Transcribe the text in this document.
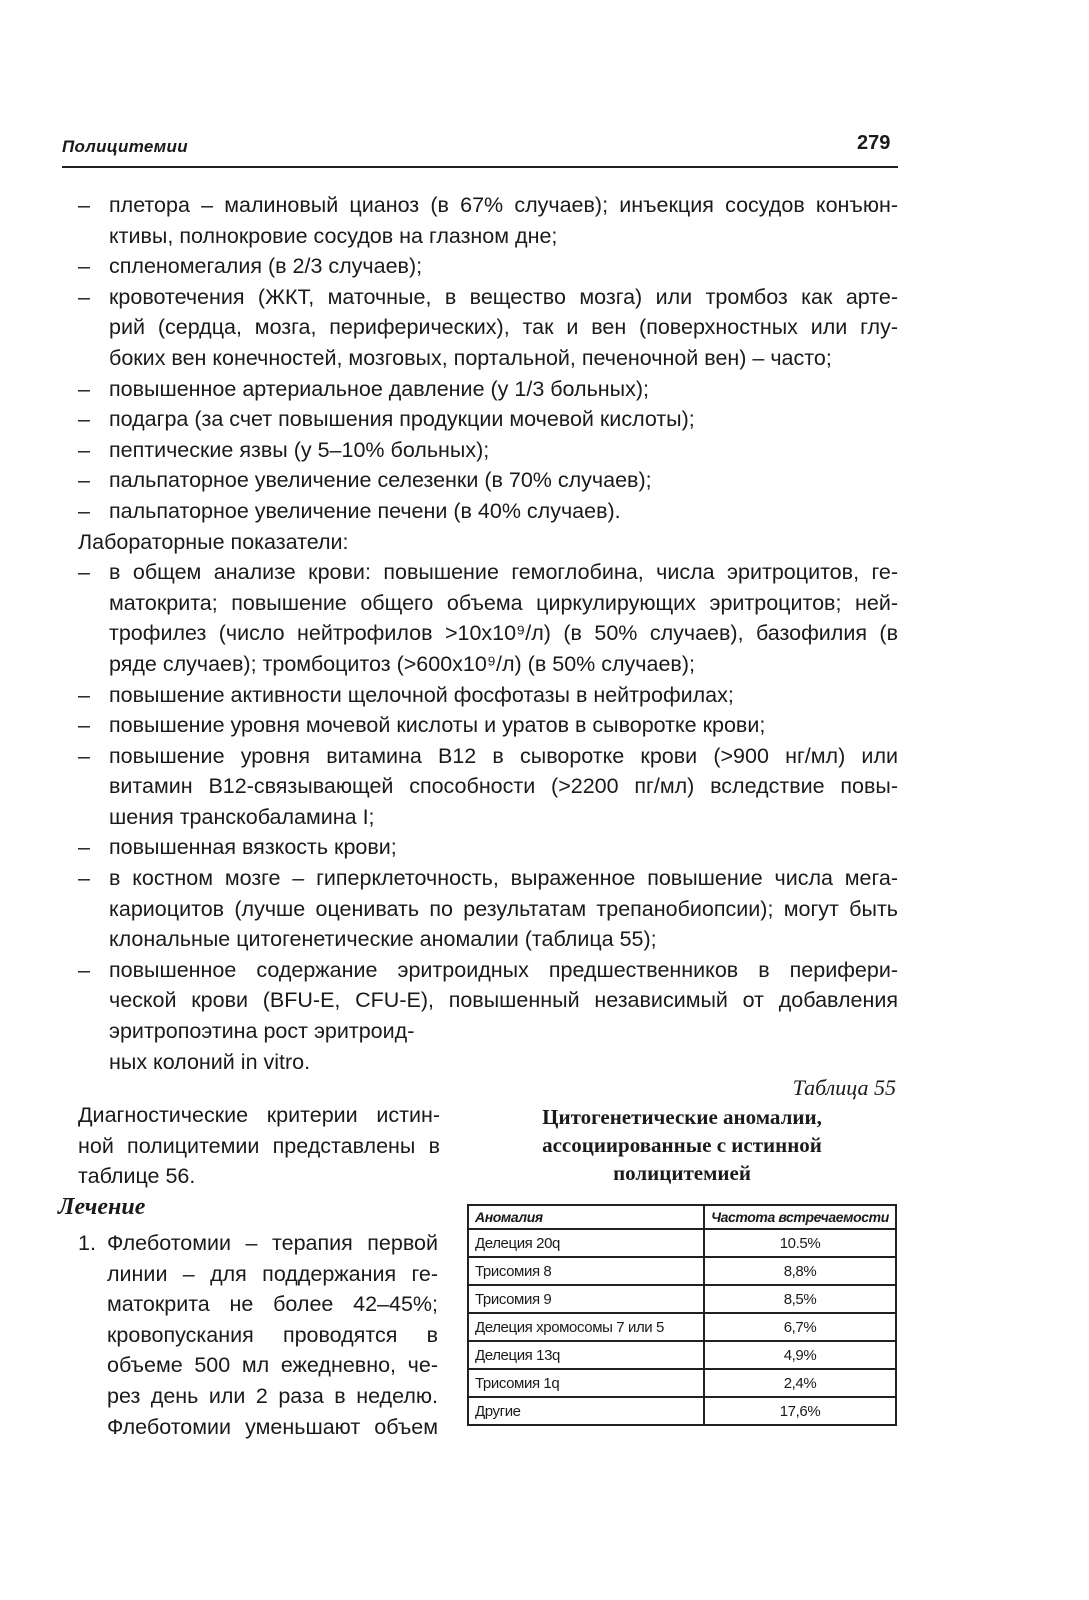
Полицитемии	279
– плетора – малиновый цианоз (в 67% случаев); инъекция сосудов конъюн-
ктивы, полнокровие сосудов на глазном дне;
– спленомегалия (в 2/3 случаев);
– кровотечения (ЖКТ, маточные, в вещество мозга) или тромбоз как арте-
рий (сердца, мозга, периферических), так и вен (поверхностных или глу-
боких вен конечностей, мозговых, портальной, печеночной вен) – часто;
– повышенное артериальное давление (у 1/3 больных);
– подагра (за счет повышения продукции мочевой кислоты);
– пептические язвы (у 5–10% больных);
– пальпаторное увеличение селезенки (в 70% случаев);
– пальпаторное увеличение печени (в 40% случаев).
Лабораторные показатели:
– в общем анализе крови: повышение гемоглобина, числа эритроцитов, ге-
матокрита; повышение общего объема циркулирующих эритроцитов; ней-
трофилез (число нейтрофилов >10x10⁹/л) (в 50% случаев), базофилия (в
ряде случаев); тромбоцитоз (>600x10⁹/л) (в 50% случаев);
– повышение активности щелочной фосфотазы в нейтрофилах;
– повышение уровня мочевой кислоты и уратов в сыворотке крови;
– повышение уровня витамина B12 в сыворотке крови (>900 нг/мл) или
витамин B12-связывающей способности (>2200 пг/мл) вследствие повы-
шения транскобаламина I;
– повышенная вязкость крови;
– в костном мозге – гиперклеточность, выраженное повышение числа мега-
кариоцитов (лучше оценивать по результатам трепанобиопсии); могут быть
клональные цитогенетические аномалии (таблица 55);
– повышенное содержание эритроидных предшественников в перифери-
ческой крови (BFU-E, CFU-E), повышенный независимый от добавления
эритропоэтина рост эритроид-
ных колоний in vitro.
Диагностические критерии истин-
ной полицитемии представлены в
таблице 56.
Лечение
1. Флеботомии – терапия первой
линии – для поддержания ге-
матокрита не более 42–45%;
кровопускания проводятся в
объеме 500 мл ежедневно, че-
рез день или 2 раза в неделю.
Флеботомии уменьшают объем
Таблица 55
Цитогенетические аномалии,
ассоциированные с истинной
полицитемией
Аномалия	Частота встречаемости
Делеция 20q	10.5%
Трисомия 8	8,8%
Трисомия 9	8,5%
Делеция хромосомы 7 или 5	6,7%
Делеция 13q	4,9%
Трисомия 1q	2,4%
Другие	17,6%
